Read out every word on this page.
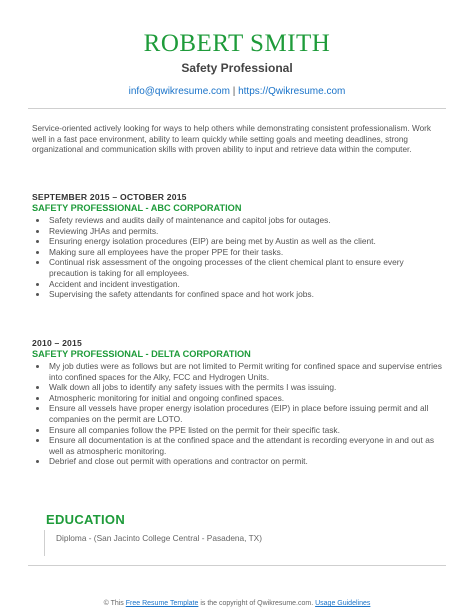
ROBERT SMITH
Safety Professional
info@qwikresume.com | https://Qwikresume.com
Service-oriented actively looking for ways to help others while demonstrating consistent professionalism. Work well in a fast pace environment, ability to learn quickly while setting goals and meeting deadlines, strong organizational and communication skills with proven ability to input and retrieve data within the computer.
SEPTEMBER 2015 – OCTOBER 2015
SAFETY PROFESSIONAL - ABC CORPORATION
• Safety reviews and audits daily of maintenance and capitol jobs for outages.
• Reviewing JHAs and permits.
• Ensuring energy isolation procedures (EIP) are being met by Austin as well as the client.
• Making sure all employees have the proper PPE for their tasks.
• Continual risk assessment of the ongoing processes of the client chemical plant to ensure every precaution is taking for all employees.
• Accident and incident investigation.
• Supervising the safety attendants for confined space and hot work jobs.
2010 – 2015
SAFETY PROFESSIONAL - DELTA CORPORATION
• My job duties were as follows but are not limited to Permit writing for confined space and supervise entries into confined spaces for the Alky, FCC and Hydrogen Units.
• Walk down all jobs to identify any safety issues with the permits I was issuing.
• Atmospheric monitoring for initial and ongoing confined spaces.
• Ensure all vessels have proper energy isolation procedures (EIP) in place before issuing permit and all companies on the permit are LOTO.
• Ensure all companies follow the PPE listed on the permit for their specific task.
• Ensure all documentation is at the confined space and the attendant is recording everyone in and out as well as atmospheric monitoring.
• Debrief and close out permit with operations and contractor on permit.
EDUCATION
Diploma - (San Jacinto College Central - Pasadena, TX)
© This Free Resume Template is the copyright of Qwikresume.com. Usage Guidelines
